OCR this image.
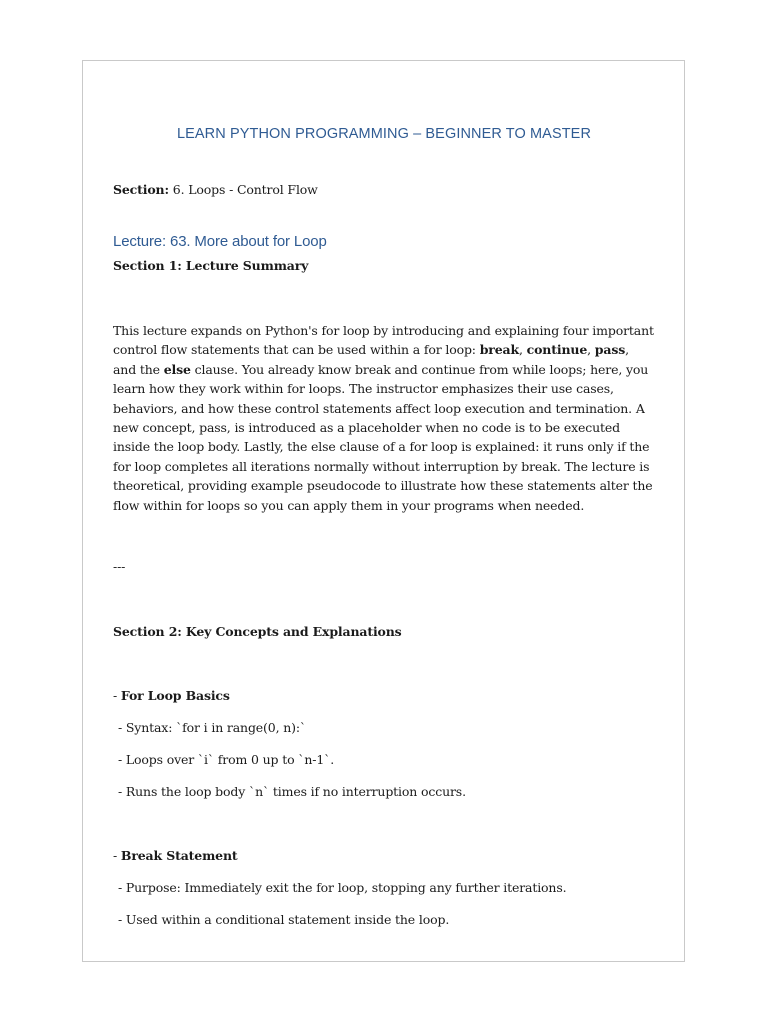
LEARN PYTHON PROGRAMMING – BEGINNER TO MASTER
Section: 6. Loops - Control Flow
Lecture: 63. More about for Loop
Section 1: Lecture Summary

This lecture expands on Python's for loop by introducing and explaining four important control flow statements that can be used within a for loop: break, continue, pass, and the else clause. You already know break and continue from while loops; here, you learn how they work within for loops. The instructor emphasizes their use cases, behaviors, and how these control statements affect loop execution and termination. A new concept, pass, is introduced as a placeholder when no code is to be executed inside the loop body. Lastly, the else clause of a for loop is explained: it runs only if the for loop completes all iterations normally without interruption by break. The lecture is theoretical, providing example pseudocode to illustrate how these statements alter the flow within for loops so you can apply them in your programs when needed.

---
Section 2: Key Concepts and Explanations
- For Loop Basics
- Syntax: `for i in range(0, n):`
- Loops over `i` from 0 up to `n-1`.
- Runs the loop body `n` times if no interruption occurs.
- Break Statement
- Purpose: Immediately exit the for loop, stopping any further iterations.
- Used within a conditional statement inside the loop.
